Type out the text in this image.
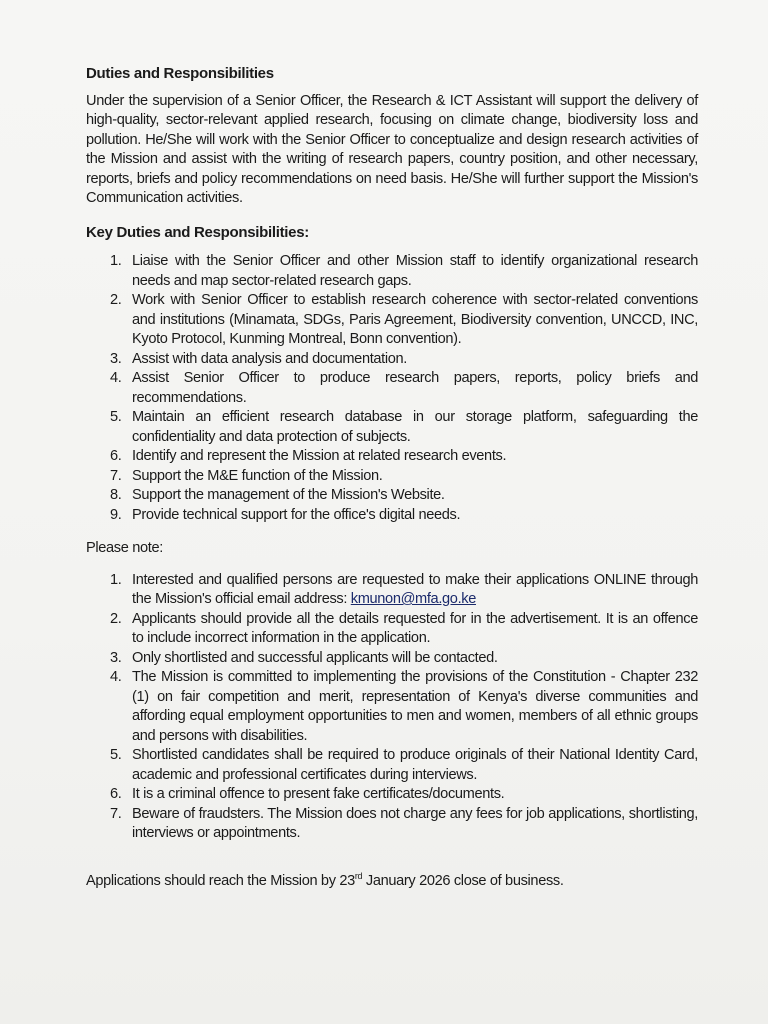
Duties and Responsibilities

Under the supervision of a Senior Officer, the Research & ICT Assistant will support the delivery of high-quality, sector-relevant applied research, focusing on climate change, biodiversity loss and pollution. He/She will work with the Senior Officer to conceptualize and design research activities of the Mission and assist with the writing of research papers, country position, and other necessary, reports, briefs and policy recommendations on need basis. He/She will further support the Mission's Communication activities.

Key Duties and Responsibilities:
1. Liaise with the Senior Officer and other Mission staff to identify organizational research needs and map sector-related research gaps.
2. Work with Senior Officer to establish research coherence with sector-related conventions and institutions (Minamata, SDGs, Paris Agreement, Biodiversity convention, UNCCD, INC, Kyoto Protocol, Kunming Montreal, Bonn convention).
3. Assist with data analysis and documentation.
4. Assist Senior Officer to produce research papers, reports, policy briefs and recommendations.
5. Maintain an efficient research database in our storage platform, safeguarding the confidentiality and data protection of subjects.
6. Identify and represent the Mission at related research events.
7. Support the M&E function of the Mission.
8. Support the management of the Mission's Website.
9. Provide technical support for the office's digital needs.
Please note:
1. Interested and qualified persons are requested to make their applications ONLINE through the Mission's official email address: kmunon@mfa.go.ke
2. Applicants should provide all the details requested for in the advertisement. It is an offence to include incorrect information in the application.
3. Only shortlisted and successful applicants will be contacted.
4. The Mission is committed to implementing the provisions of the Constitution - Chapter 232 (1) on fair competition and merit, representation of Kenya's diverse communities and affording equal employment opportunities to men and women, members of all ethnic groups and persons with disabilities.
5. Shortlisted candidates shall be required to produce originals of their National Identity Card, academic and professional certificates during interviews.
6. It is a criminal offence to present fake certificates/documents.
7. Beware of fraudsters. The Mission does not charge any fees for job applications, shortlisting, interviews or appointments.
Applications should reach the Mission by 23rd January 2026 close of business.
